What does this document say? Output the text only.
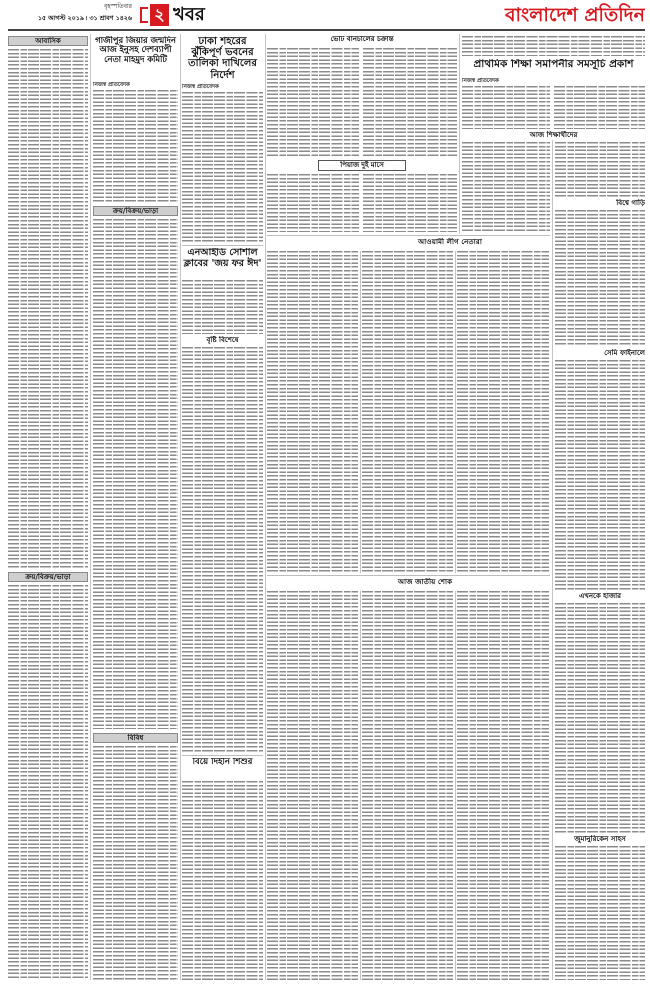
বৃহস্পতিবার
১৫ আগস্ট ২০১৯ ৷ ৩১ শ্রাবণ ১৪২৬ ২ খবর	বাংলাদেশ প্রতিদিন
আবাসিক
ক্রয়/বিক্রয়/ভাড়া
গাজীপুর জিয়ার জন্মদিন আজ ইনুসহ দেশব্যাপী নেতা মাহমুদ কমিটি
নিজস্ব প্রতিবেদক
ক্রয়/বিক্রয়/ভাড়া
বিবিধ
ঢাকা শহরের ঝুঁকিপূর্ণ ভবনের তালিকা দাখিলের নির্দেশ
নিজস্ব প্রতিবেদক
এনআইডি সোশাল ক্লাবের 'জয় ফর ঈদ'
বৃষ্টি বিশেষে
বিয়ে দিইনি শিশুর
ভোট বানচালের চক্রান্ত
পিয়াজ দুই মাসে
প্রাথমিক শিক্ষা সমাপনীর সমসূচি প্রকাশ
নিজস্ব প্রতিবেদক
আজ শিক্ষার্থীদের
আওয়ামী লীগ নেতারা
আজ জাতীয় শোক
বিশ্বে গাড়ি
সেমি ফাইনালে
এখনকে হাজার
জুমানুরিকেন সাহস
